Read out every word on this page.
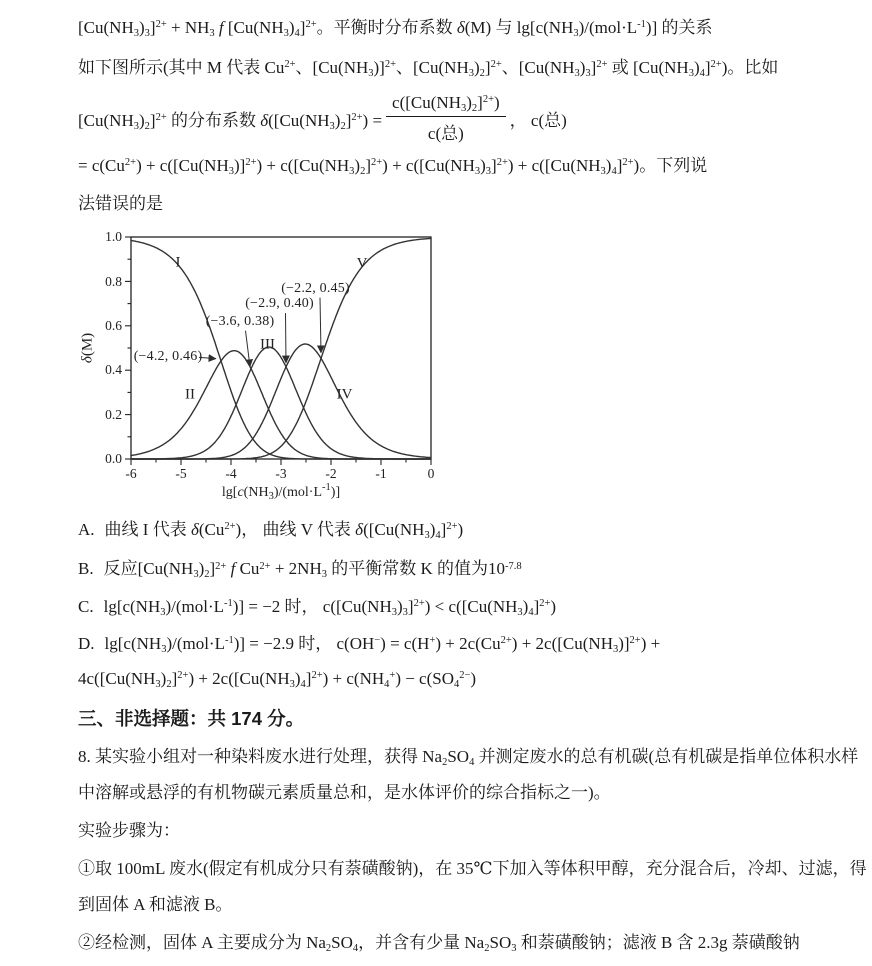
$[Cu(NH_3)_3]^{2+} + NH_3$ f $[Cu(NH_3)_4]^{2+}$。平衡时分布系数 δ(M) 与 $\lg[c(NH_3)/(mol\cdot L^{-1})]$ 的关系
如下图所示(其中 M 代表 $Cu^{2+}$、$[Cu(NH_3)]^{2+}$、$[Cu(NH_3)_2]^{2+}$、$[Cu(NH_3)_3]^{2+}$ 或 $[Cu(NH_3)_4]^{2+}$)。比如
$[Cu(NH_3)_2]^{2+}$ 的分布系数 $\delta([Cu(NH_3)_2]^{2+}) = \frac{c([Cu(NH_3)_2]^{2+})}{\text{c(总)}}$ ， c(总)
= $c(Cu^{2+}) + c([Cu(NH_3)]^{2+}) + c([Cu(NH_3)_2]^{2+}) + c([Cu(NH_3)_3]^{2+}) + c([Cu(NH_3)_4]^{2+})$。下列说
法错误的是
-6	-5	-4	-3	-2	-1	0
0.0
0.2
0.4
0.6
0.8
1.0
$\lg[c(NH_3)/(mol\cdot L^{-1})]$
δ(M)
I
II
III
IV
V
(−4.2, 0.46)
(−3.6, 0.38)
(−2.9, 0.40)
(−2.2, 0.45)
A. 曲线 I 代表 $\delta(Cu^{2+})$， 曲线 V 代表 $\delta([Cu(NH_3)_4]^{2+})$
B. 反应$[Cu(NH_3)_2]^{2+}$ f $Cu^{2+} + 2NH_3$ 的平衡常数 K 的值为$10^{-7.8}$
C. $\lg[c(NH_3)/(mol\cdot L^{-1})] = -2$ 时， $c([Cu(NH_3)_3]^{2+}) < c([Cu(NH_3)_4]^{2+})$
D. $\lg[c(NH_3)/(mol\cdot L^{-1})] = -2.9$ 时， $c(OH^-) = c(H^+) + 2c(Cu^{2+}) + 2c([Cu(NH_3)]^{2+})$ +
$4c([Cu(NH_3)_2]^{2+}) + 2c([Cu(NH_3)_4]^{2+}) + c(NH_4^+) - c(SO_4^{2-})$
三、非选择题：共 174 分。
8. 某实验小组对一种染料废水进行处理，获得 $Na_2SO_4$ 并测定废水的总有机碳(总有机碳是指单位体积水样
中溶解或悬浮的有机物碳元素质量总和，是水体评价的综合指标之一)。
实验步骤为：
①取 100mL 废水(假定有机成分只有萘磺酸钠)，在 35℃下加入等体积甲醇，充分混合后，冷却、过滤，得
到固体 A 和滤液 B。
②经检测，固体 A 主要成分为 $Na_2SO_4$，并含有少量 $Na_2SO_3$ 和萘磺酸钠；滤液 B 含 2.3g 萘磺酸钠
